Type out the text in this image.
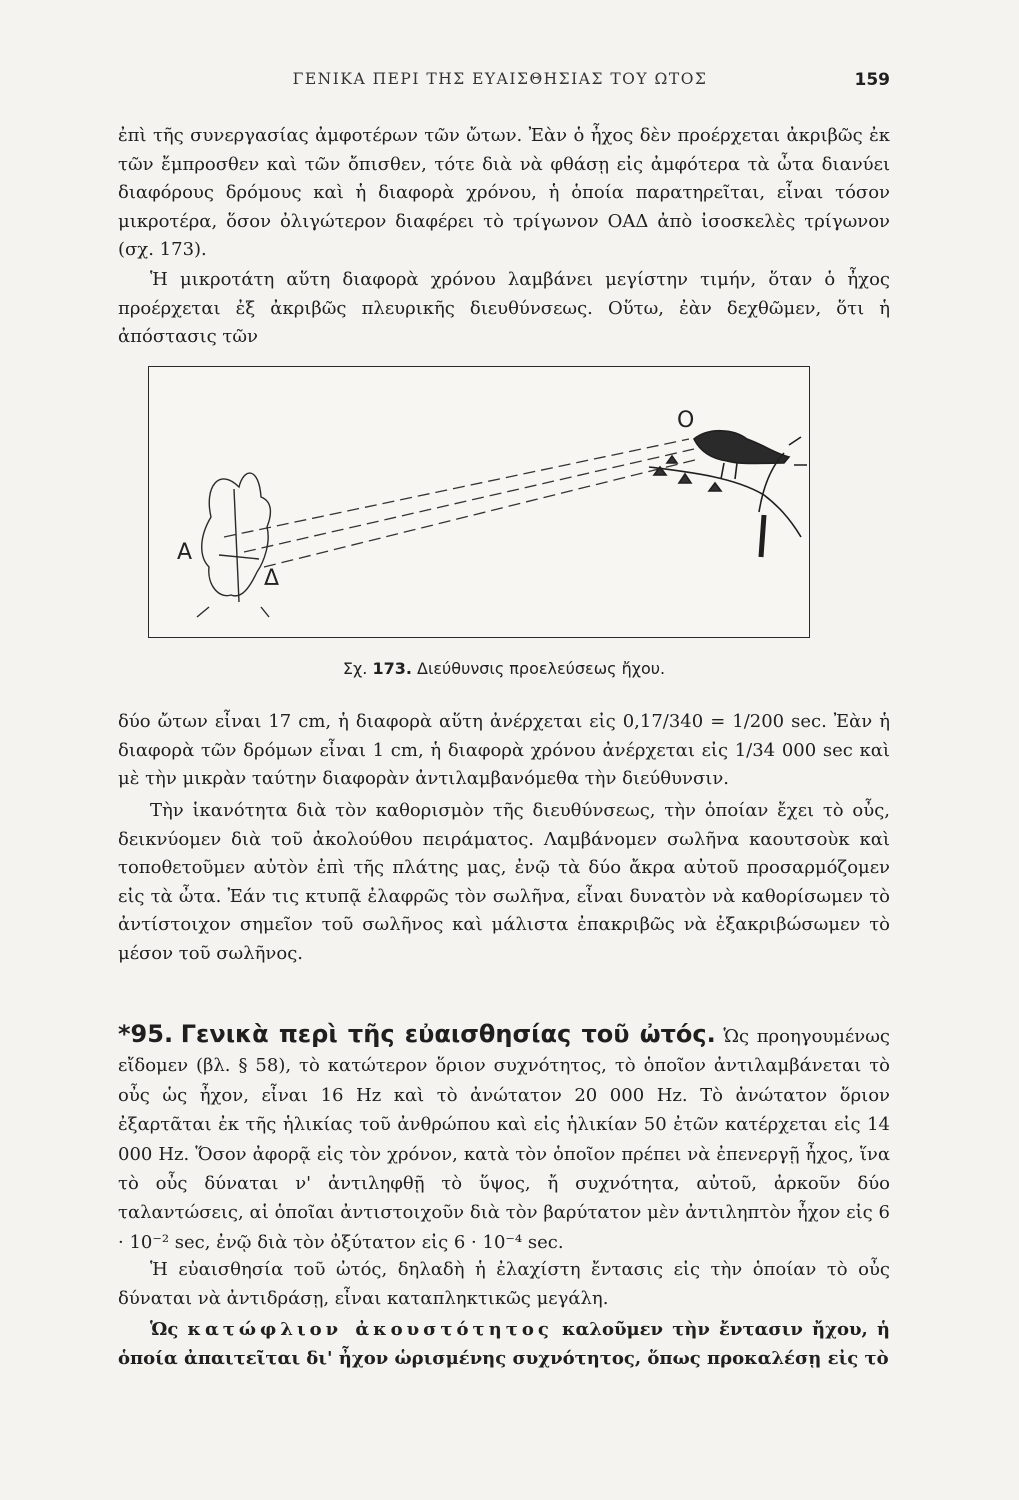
ΓΕΝΙΚΑ ΠΕΡΙ ΤΗΣ ΕΥΑΙΣΘΗΣΙΑΣ ΤΟΥ ΩΤΟΣ	159

ἐπὶ τῆς συνεργασίας ἀμφοτέρων τῶν ὤτων. Ἐὰν ὁ ἦχος δὲν προέρχεται ἀκριβῶς ἐκ τῶν ἔμπροσθεν καὶ τῶν ὄπισθεν, τότε διὰ νὰ φθάσῃ εἰς ἀμφότερα τὰ ὦτα διανύει διαφόρους δρόμους καὶ ἡ διαφορὰ χρόνου, ἡ ὁποία παρατηρεῖται, εἶναι τόσον μικροτέρα, ὅσον ὀλιγώτερον διαφέρει τὸ τρίγωνον ΟΑΔ ἀπὸ ἰσοσκελὲς τρίγωνον (σχ. 173).

Ἡ μικροτάτη αὕτη διαφορὰ χρόνου λαμβάνει μεγίστην τιμήν, ὅταν ὁ ἦχος προέρχεται ἐξ ἀκριβῶς πλευρικῆς διευθύνσεως. Οὕτω, ἐὰν δεχθῶμεν, ὅτι ἡ ἀπόστασις τῶν

O
A
Δ
Σχ. 173. Διεύθυνσις προελεύσεως ἤχου.

δύο ὤτων εἶναι 17 cm, ἡ διαφορὰ αὕτη ἀνέρχεται εἰς 0,17/340 = 1/200 sec. Ἐὰν ἡ διαφορὰ τῶν δρόμων εἶναι 1 cm, ἡ διαφορὰ χρόνου ἀνέρχεται εἰς 1/34 000 sec καὶ μὲ τὴν μικρὰν ταύτην διαφορὰν ἀντιλαμβανόμεθα τὴν διεύθυνσιν.

Τὴν ἱκανότητα διὰ τὸν καθορισμὸν τῆς διευθύνσεως, τὴν ὁποίαν ἔχει τὸ οὖς, δεικνύομεν διὰ τοῦ ἀκολούθου πειράματος. Λαμβάνομεν σωλῆνα καουτσοὺκ καὶ τοποθετοῦμεν αὐτὸν ἐπὶ τῆς πλάτης μας, ἐνῷ τὰ δύο ἄκρα αὐτοῦ προσαρμόζομεν εἰς τὰ ὦτα. Ἐάν τις κτυπᾷ ἐλαφρῶς τὸν σωλῆνα, εἶναι δυνατὸν νὰ καθορίσωμεν τὸ ἀντίστοιχον σημεῖον τοῦ σωλῆνος καὶ μάλιστα ἐπακριβῶς νὰ ἐξακριβώσωμεν τὸ μέσον τοῦ σωλῆνος.

*95. Γενικὰ περὶ τῆς εὐαισθησίας τοῦ ὠτός. Ὡς προηγουμένως εἴδομεν (βλ. § 58), τὸ κατώτερον ὅριον συχνότητος, τὸ ὁποῖον ἀντιλαμβάνεται τὸ οὖς ὡς ἦχον, εἶναι 16 Hz καὶ τὸ ἀνώτατον 20 000 Hz. Τὸ ἀνώτατον ὅριον ἐξαρτᾶται ἐκ τῆς ἡλικίας τοῦ ἀνθρώπου καὶ εἰς ἡλικίαν 50 ἐτῶν κατέρχεται εἰς 14 000 Hz. Ὅσον ἀφορᾷ εἰς τὸν χρόνον, κατὰ τὸν ὁποῖον πρέπει νὰ ἐπενεργῇ ἦχος, ἵνα τὸ οὖς δύναται ν' ἀντιληφθῇ τὸ ὕψος, ἤ συχνότητα, αὐτοῦ, ἀρκοῦν δύο ταλαντώσεις, αἱ ὁποῖαι ἀντιστοιχοῦν διὰ τὸν βαρύτατον μὲν ἀντιληπτὸν ἦχον εἰς 6 · 10⁻² sec, ἐνῷ διὰ τὸν ὀξύτατον εἰς 6 · 10⁻⁴ sec.

Ἡ εὐαισθησία τοῦ ὠτός, δηλαδὴ ἡ ἐλαχίστη ἔντασις εἰς τὴν ὁποίαν τὸ οὖς δύναται νὰ ἀντιδράσῃ, εἶναι καταπληκτικῶς μεγάλη.

Ὡς κατώφλιον ἀκουστότητος καλοῦμεν τὴν ἔντασιν ἤχου, ἡ ὁποία ἀπαιτεῖται δι' ἦχον ὡρισμένης συχνότητος, ὅπως προκαλέσῃ εἰς τὸ
